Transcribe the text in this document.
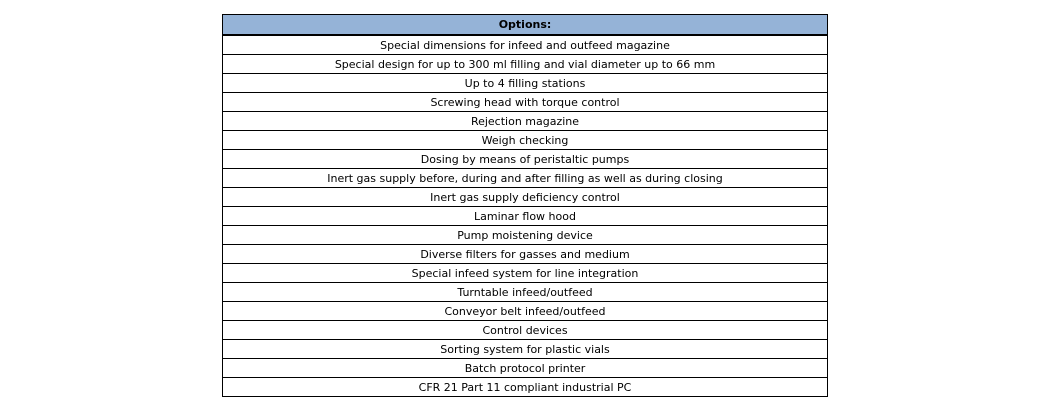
Options:
Special dimensions for infeed and outfeed magazine
Special design for up to 300 ml filling and vial diameter up to 66 mm
Up to 4 filling stations
Screwing head with torque control
Rejection magazine
Weigh checking
Dosing by means of peristaltic pumps
Inert gas supply before, during and after filling as well as during closing
Inert gas supply deficiency control
Laminar flow hood
Pump moistening device
Diverse filters for gasses and medium
Special infeed system for line integration
Turntable infeed/outfeed
Conveyor belt infeed/outfeed
Control devices
Sorting system for plastic vials
Batch protocol printer
CFR 21 Part 11 compliant industrial PC
